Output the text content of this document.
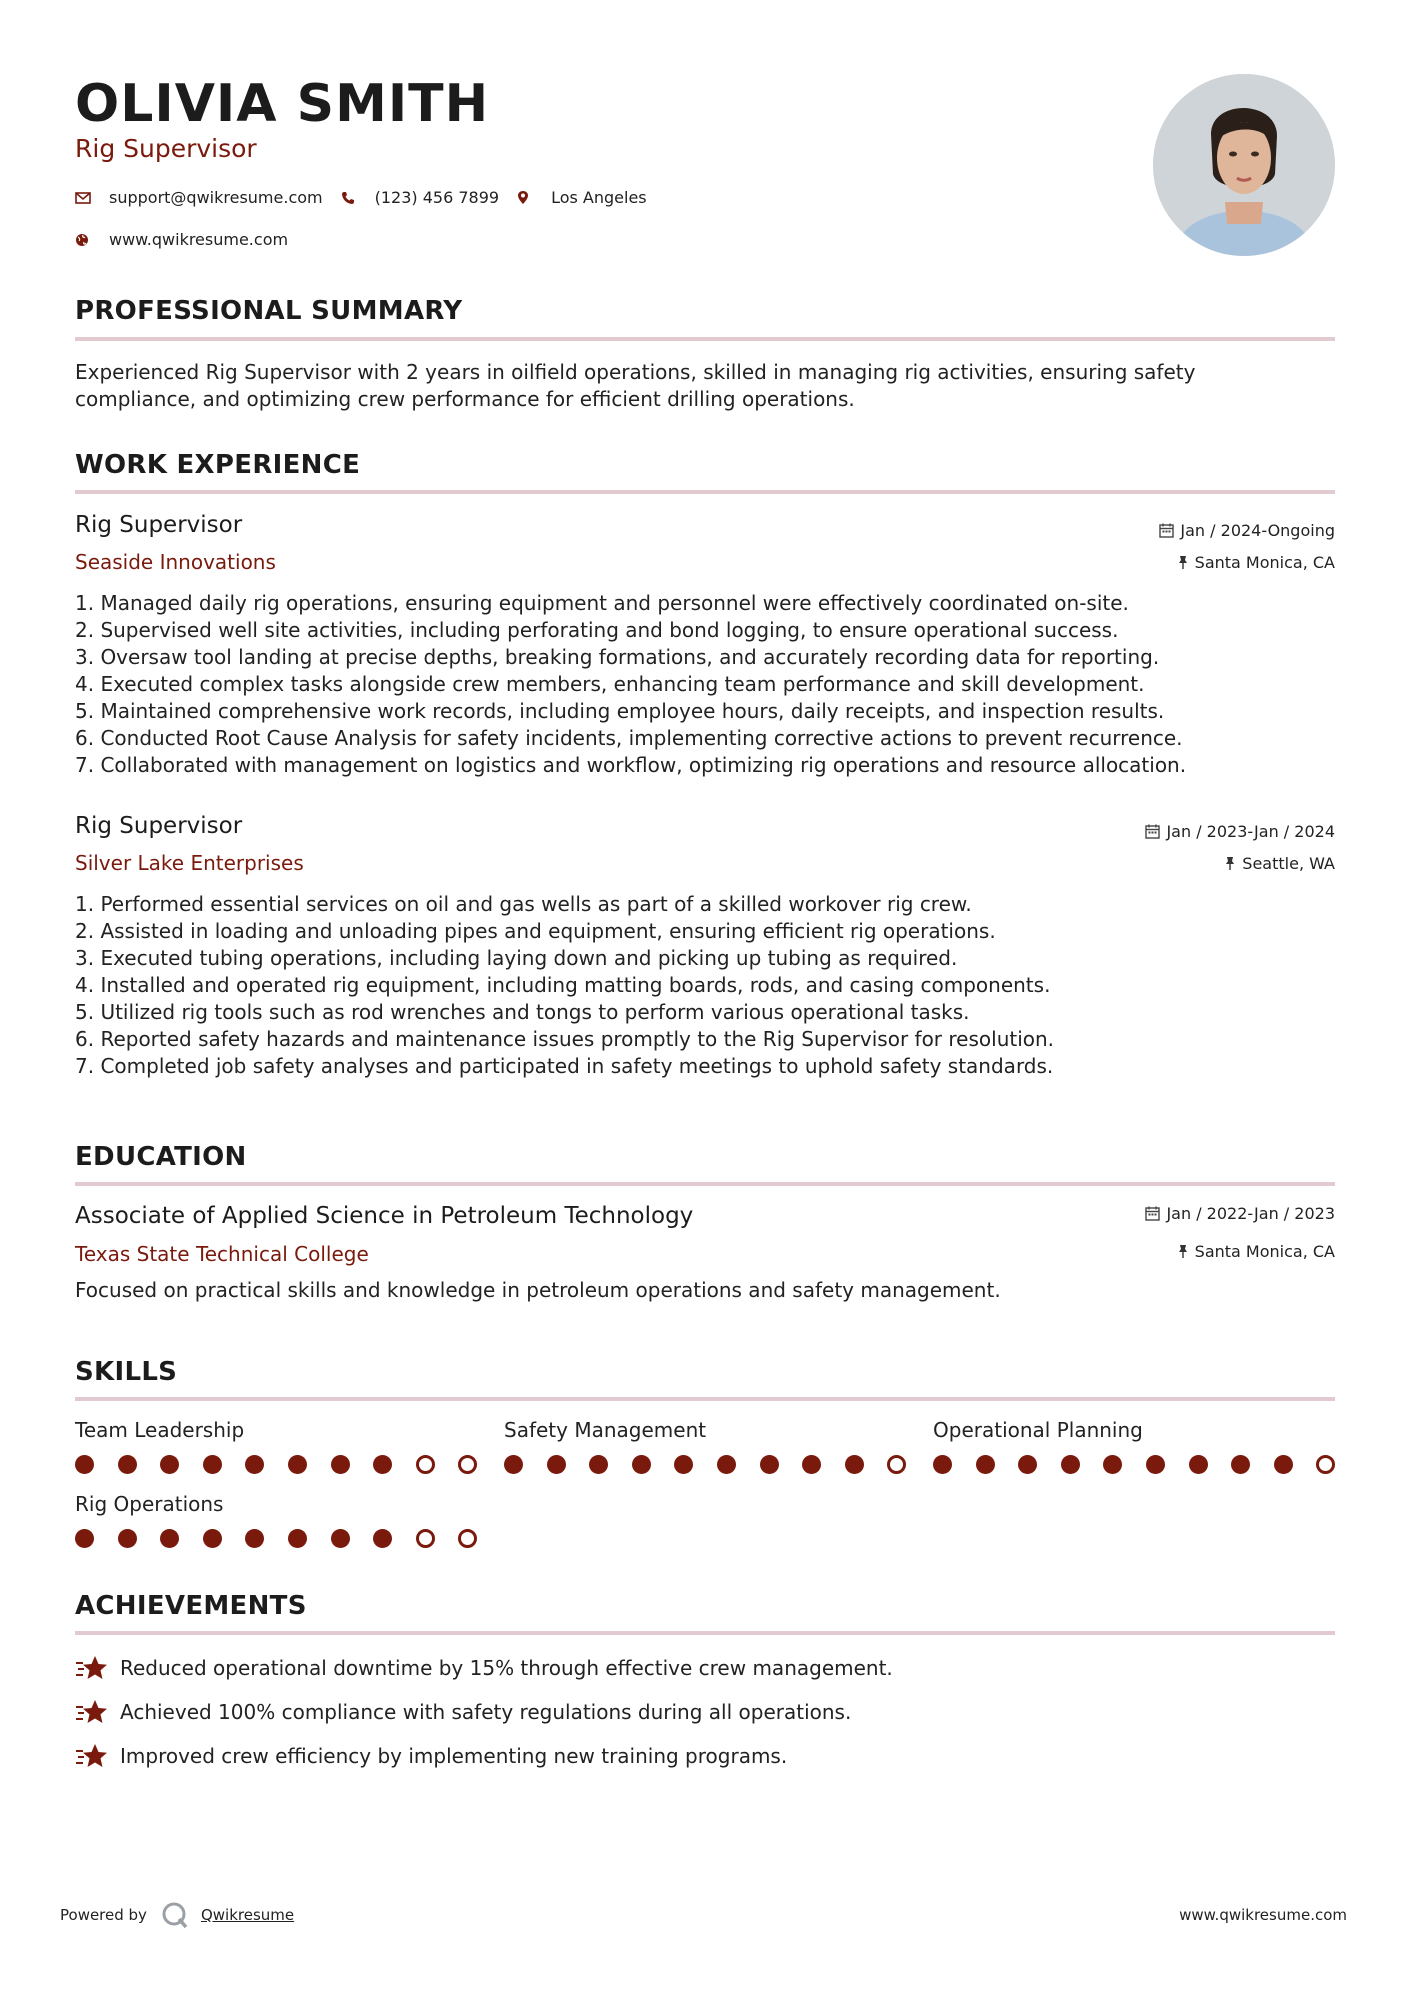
OLIVIA SMITH
Rig Supervisor
support@qwikresume.com	(123) 456 7899	Los Angeles
www.qwikresume.com
PROFESSIONAL SUMMARY
Experienced Rig Supervisor with 2 years in oilfield operations, skilled in managing rig activities, ensuring safety compliance, and optimizing crew performance for efficient drilling operations.
WORK EXPERIENCE
Rig Supervisor
Seaside Innovations
Jan / 2024-Ongoing
Santa Monica, CA
1. Managed daily rig operations, ensuring equipment and personnel were effectively coordinated on-site.
2. Supervised well site activities, including perforating and bond logging, to ensure operational success.
3. Oversaw tool landing at precise depths, breaking formations, and accurately recording data for reporting.
4. Executed complex tasks alongside crew members, enhancing team performance and skill development.
5. Maintained comprehensive work records, including employee hours, daily receipts, and inspection results.
6. Conducted Root Cause Analysis for safety incidents, implementing corrective actions to prevent recurrence.
7. Collaborated with management on logistics and workflow, optimizing rig operations and resource allocation.
Rig Supervisor
Silver Lake Enterprises
Jan / 2023-Jan / 2024
Seattle, WA
1. Performed essential services on oil and gas wells as part of a skilled workover rig crew.
2. Assisted in loading and unloading pipes and equipment, ensuring efficient rig operations.
3. Executed tubing operations, including laying down and picking up tubing as required.
4. Installed and operated rig equipment, including matting boards, rods, and casing components.
5. Utilized rig tools such as rod wrenches and tongs to perform various operational tasks.
6. Reported safety hazards and maintenance issues promptly to the Rig Supervisor for resolution.
7. Completed job safety analyses and participated in safety meetings to uphold safety standards.
EDUCATION
Associate of Applied Science in Petroleum Technology
Texas State Technical College
Jan / 2022-Jan / 2023
Santa Monica, CA
Focused on practical skills and knowledge in petroleum operations and safety management.
SKILLS
Team Leadership	Safety Management	Operational Planning
Rig Operations
ACHIEVEMENTS
Reduced operational downtime by 15% through effective crew management.
Achieved 100% compliance with safety regulations during all operations.
Improved crew efficiency by implementing new training programs.
Powered by	Qwikresume	www.qwikresume.com
